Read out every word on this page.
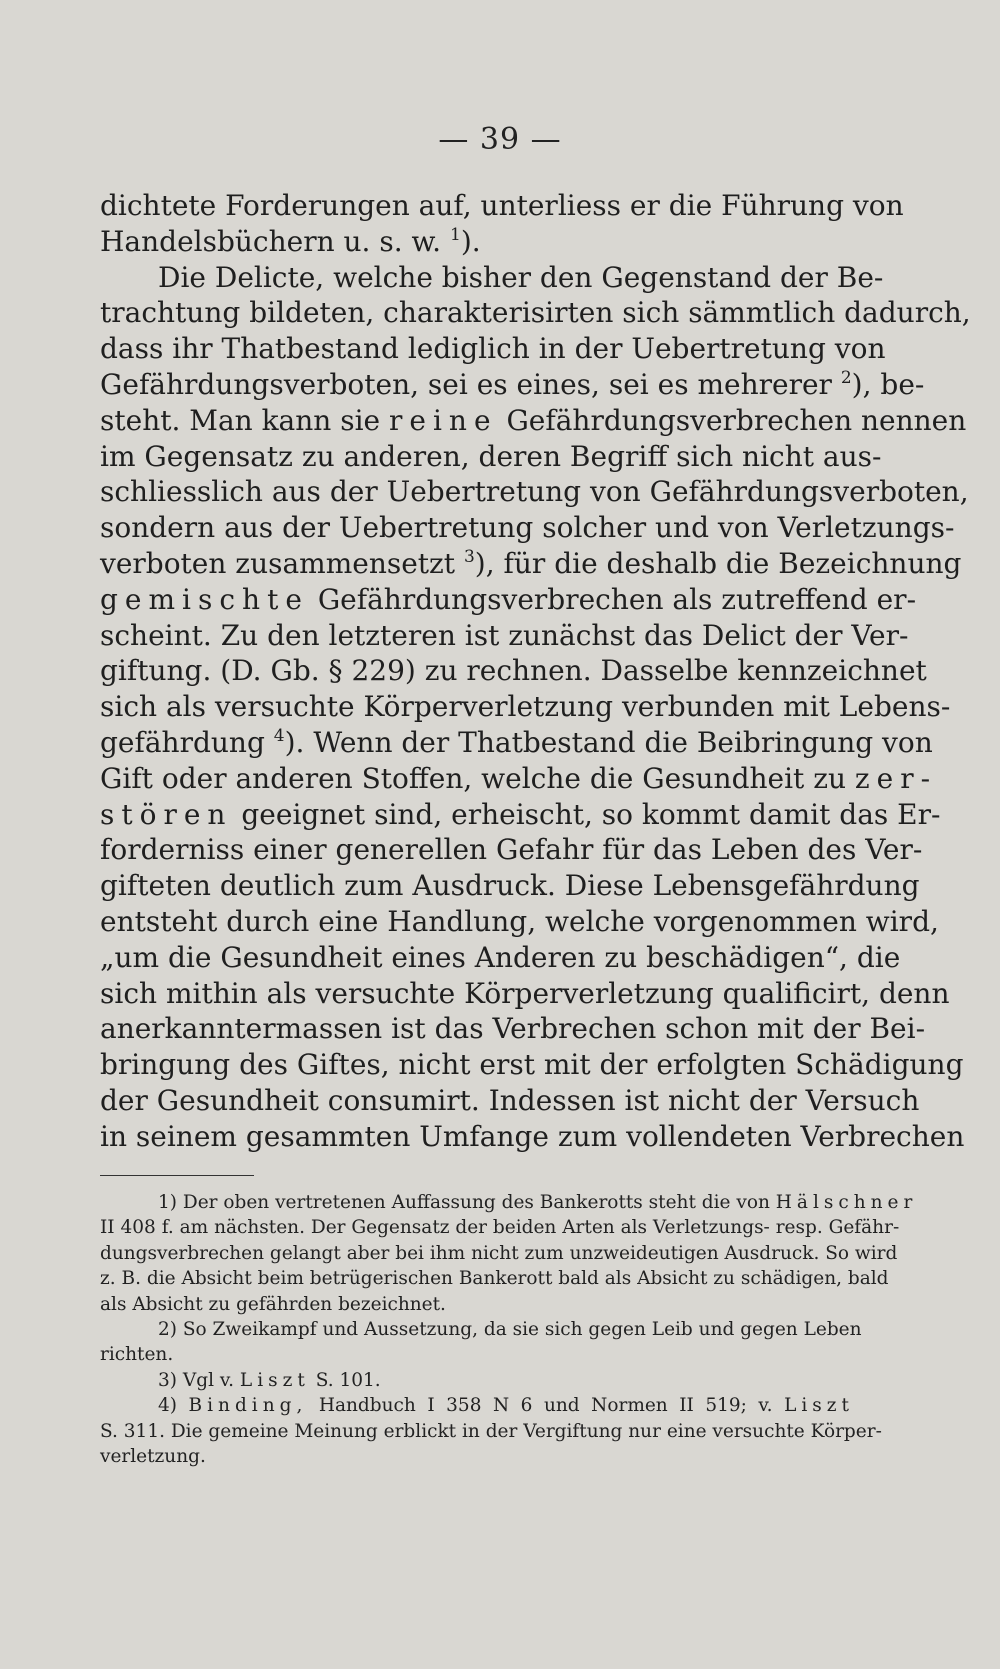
— 39 —
dichtete Forderungen auf, unterliess er die Führung von
Handelsbüchern u. s. w. $^1$).
Die Delicte, welche bisher den Gegenstand der Be-
trachtung bildeten, charakterisirten sich sämmtlich dadurch,
dass ihr Thatbestand lediglich in der Uebertretung von
Gefährdungsverboten, sei es eines, sei es mehrerer $^2$), be-
steht. Man kann sie reine Gefährdungsverbrechen nennen
im Gegensatz zu anderen, deren Begriff sich nicht aus-
schliesslich aus der Uebertretung von Gefährdungsverboten,
sondern aus der Uebertretung solcher und von Verletzungs-
verboten zusammensetzt $^3$), für die deshalb die Bezeichnung
gemischte Gefährdungsverbrechen als zutreffend er-
scheint. Zu den letzteren ist zunächst das Delict der Ver-
giftung. (D. Gb. § 229) zu rechnen. Dasselbe kennzeichnet
sich als versuchte Körperverletzung verbunden mit Lebens-
gefährdung $^4$). Wenn der Thatbestand die Beibringung von
Gift oder anderen Stoffen, welche die Gesundheit zu zer-
stören geeignet sind, erheischt, so kommt damit das Er-
forderniss einer generellen Gefahr für das Leben des Ver-
gifteten deutlich zum Ausdruck. Diese Lebensgefährdung
entsteht durch eine Handlung, welche vorgenommen wird,
„um die Gesundheit eines Anderen zu beschädigen“, die
sich mithin als versuchte Körperverletzung qualificirt, denn
anerkanntermassen ist das Verbrechen schon mit der Bei-
bringung des Giftes, nicht erst mit der erfolgten Schädigung
der Gesundheit consumirt. Indessen ist nicht der Versuch
in seinem gesammten Umfange zum vollendeten Verbrechen
1) Der oben vertretenen Auffassung des Bankerotts steht die von Hälschner
II 408 f. am nächsten. Der Gegensatz der beiden Arten als Verletzungs- resp. Gefähr-
dungsverbrechen gelangt aber bei ihm nicht zum unzweideutigen Ausdruck. So wird
z. B. die Absicht beim betrügerischen Bankerott bald als Absicht zu schädigen, bald
als Absicht zu gefährden bezeichnet.
2) So Zweikampf und Aussetzung, da sie sich gegen Leib und gegen Leben
richten.
3) Vgl v. Liszt S. 101.
4) Binding, Handbuch I 358 N 6 und Normen II 519; v. Liszt
S. 311. Die gemeine Meinung erblickt in der Vergiftung nur eine versuchte Körper-
verletzung.
